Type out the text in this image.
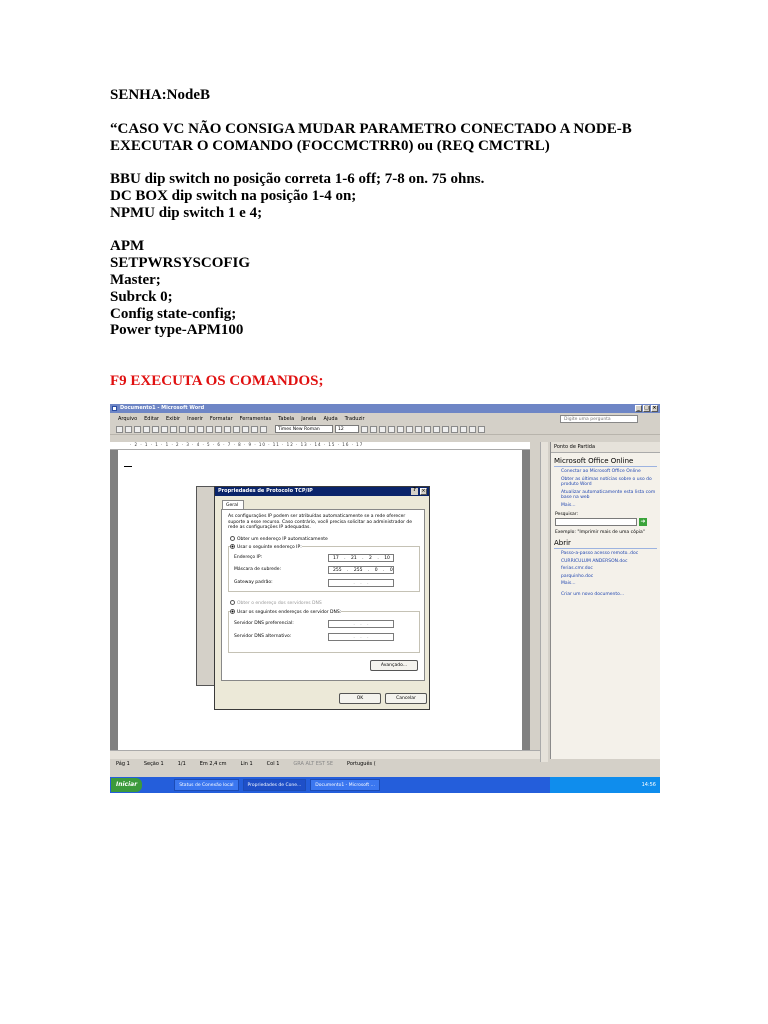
SENHA:NodeB
“CASO VC NÃO CONSIGA MUDAR PARAMETRO CONECTADO A NODE-B
EXECUTAR O COMANDO (FOCCMCTRR0) ou (REQ CMCTRL)
BBU dip switch no posição correta 1-6 off; 7-8 on. 75 ohns.
DC BOX dip switch na posição 1-4 on;
NPMU dip switch 1 e 4;
APM
SETPWRSYSCOFIG
Master;
Subrck 0;
Config state-config;
Power type-APM100
F9 EXECUTA OS COMANDOS;
Documento1 - Microsoft Word	_ □ ×
Arquivo Editar Exibir Inserir Formatar Ferramentas Tabela Janela Ajuda Traduzir	Digite uma pergunta
Times New Roman	12
· 2 · 1 · 1 · 1 · 2 · 3 · 4 · 5 · 6 · 7 · 8 · 9 · 10 · 11 · 12 · 13 · 14 · 15 · 16 · 17	Ponto de Partida
Microsoft Office Online
Conectar ao Microsoft Office Online
Obter as últimas notícias sobre o uso do produto Word
Atualizar automaticamente esta lista com base na web
Mais...
Pesquisar:
➜
Exemplo: "Imprimir mais de uma cópia"
Abrir
Passo-a-passo acesso remoto..doc
CURRICULUM ANDERSON.doc
ferias.cmr.doc
parquinho.doc
Mais...
Criar um novo documento...
Propriedades de Protocolo TCP/IP	?	×
Geral
As configurações IP podem ser atribuídas automaticamente se a rede oferecer suporte a esse recurso. Caso contrário, você precisa solicitar ao administrador de rede as configurações IP adequadas.
Obter um endereço IP automaticamente
Usar o seguinte endereço IP:
Endereço IP:	17 . 21 . 2 . 10
Máscara de subrede:	255 . 255 . 0 . 0
Gateway padrão:	. . .
Obter o endereço dos servidores DNS
Usar os seguintes endereços de servidor DNS:
Servidor DNS preferencial:	. . .
Servidor DNS alternativo:	. . .
Avançado...
OK	Cancelar
Pág 1	Seção 1	1/1	Em 2,4 cm	Lin 1	Col 1	GRA ALT EST SE	Português (
Iniciar	Status de Conexão local	Propriedades de Cone...	Documento1 - Microsoft ...	14:56
